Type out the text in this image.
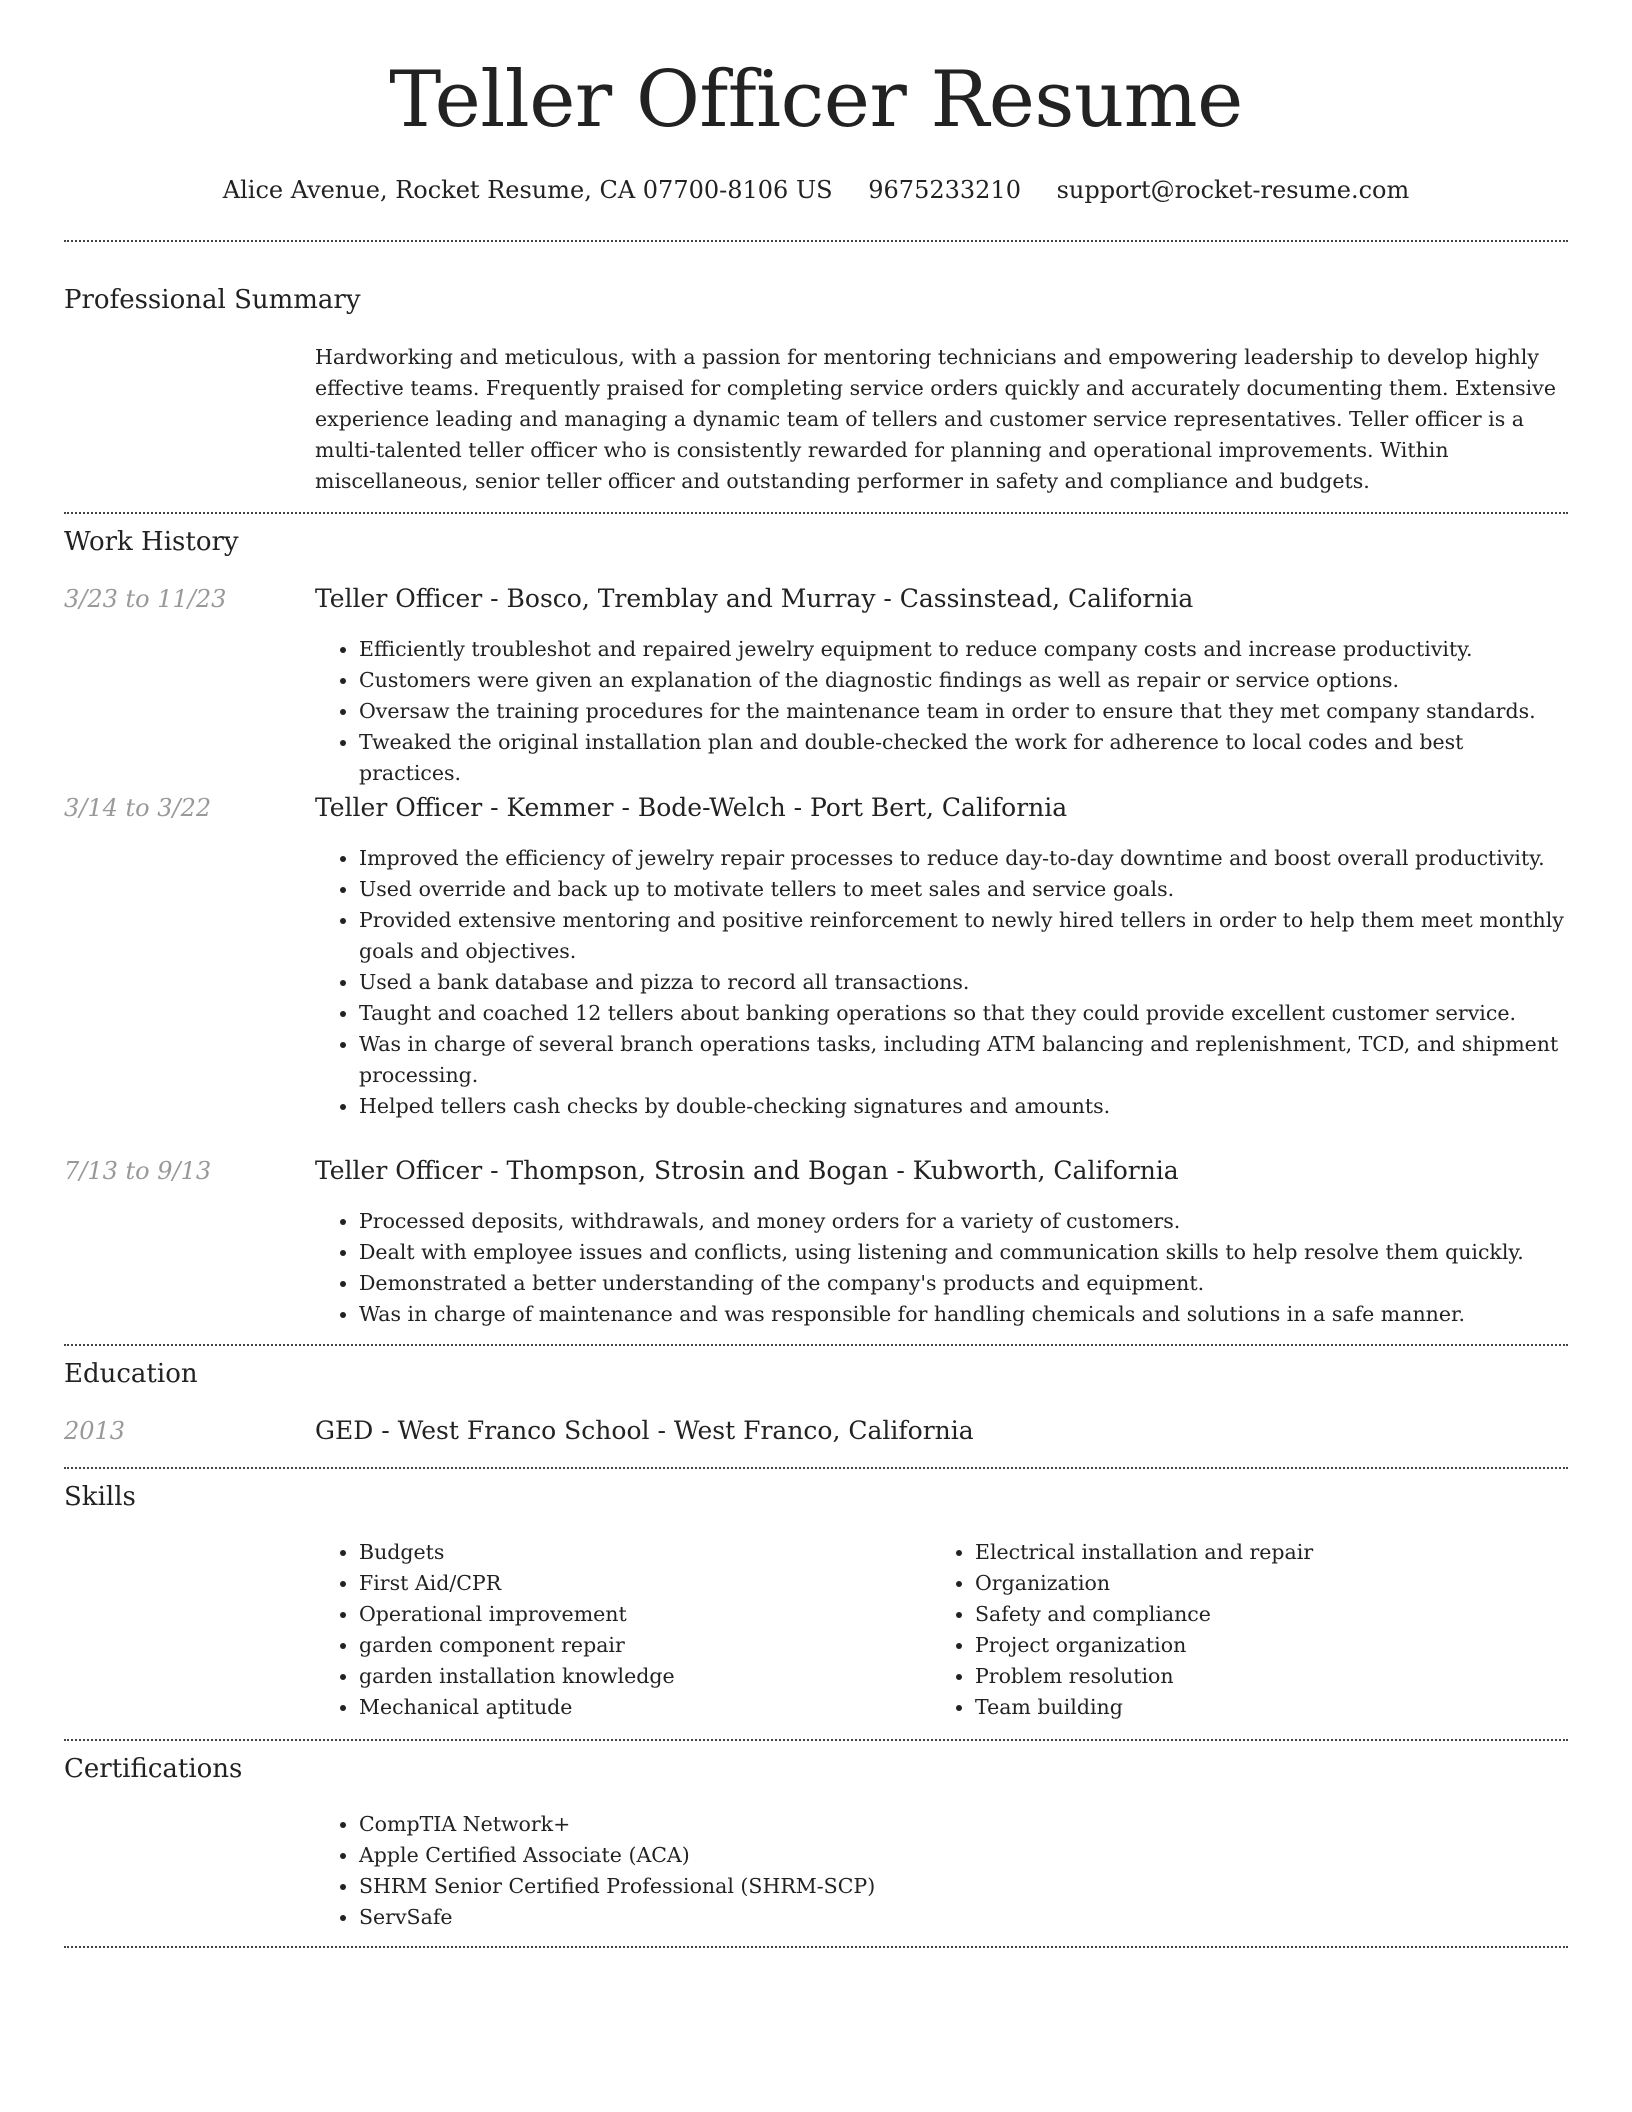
Teller Officer Resume
Alice Avenue, Rocket Resume, CA 07700-8106 US 9675233210 support@rocket-resume.com
Professional Summary
Hardworking and meticulous, with a passion for mentoring technicians and empowering leadership to develop highly effective teams. Frequently praised for completing service orders quickly and accurately documenting them. Extensive experience leading and managing a dynamic team of tellers and customer service representatives. Teller officer is a multi-talented teller officer who is consistently rewarded for planning and operational improvements. Within miscellaneous, senior teller officer and outstanding performer in safety and compliance and budgets.
Work History
3/23 to 11/23	Teller Officer - Bosco, Tremblay and Murray - Cassinstead, California
• Efficiently troubleshot and repaired jewelry equipment to reduce company costs and increase productivity.
• Customers were given an explanation of the diagnostic findings as well as repair or service options.
• Oversaw the training procedures for the maintenance team in order to ensure that they met company standards.
• Tweaked the original installation plan and double-checked the work for adherence to local codes and best practices.
3/14 to 3/22	Teller Officer - Kemmer - Bode-Welch - Port Bert, California
• Improved the efficiency of jewelry repair processes to reduce day-to-day downtime and boost overall productivity.
• Used override and back up to motivate tellers to meet sales and service goals.
• Provided extensive mentoring and positive reinforcement to newly hired tellers in order to help them meet monthly goals and objectives.
• Used a bank database and pizza to record all transactions.
• Taught and coached 12 tellers about banking operations so that they could provide excellent customer service.
• Was in charge of several branch operations tasks, including ATM balancing and replenishment, TCD, and shipment processing.
• Helped tellers cash checks by double-checking signatures and amounts.
7/13 to 9/13	Teller Officer - Thompson, Strosin and Bogan - Kubworth, California
• Processed deposits, withdrawals, and money orders for a variety of customers.
• Dealt with employee issues and conflicts, using listening and communication skills to help resolve them quickly.
• Demonstrated a better understanding of the company's products and equipment.
• Was in charge of maintenance and was responsible for handling chemicals and solutions in a safe manner.
Education
2013	GED - West Franco School - West Franco, California
Skills
• Budgets
• First Aid/CPR
• Operational improvement
• garden component repair
• garden installation knowledge
• Mechanical aptitude
• Electrical installation and repair
• Organization
• Safety and compliance
• Project organization
• Problem resolution
• Team building
Certifications
• CompTIA Network+
• Apple Certified Associate (ACA)
• SHRM Senior Certified Professional (SHRM-SCP)
• ServSafe
